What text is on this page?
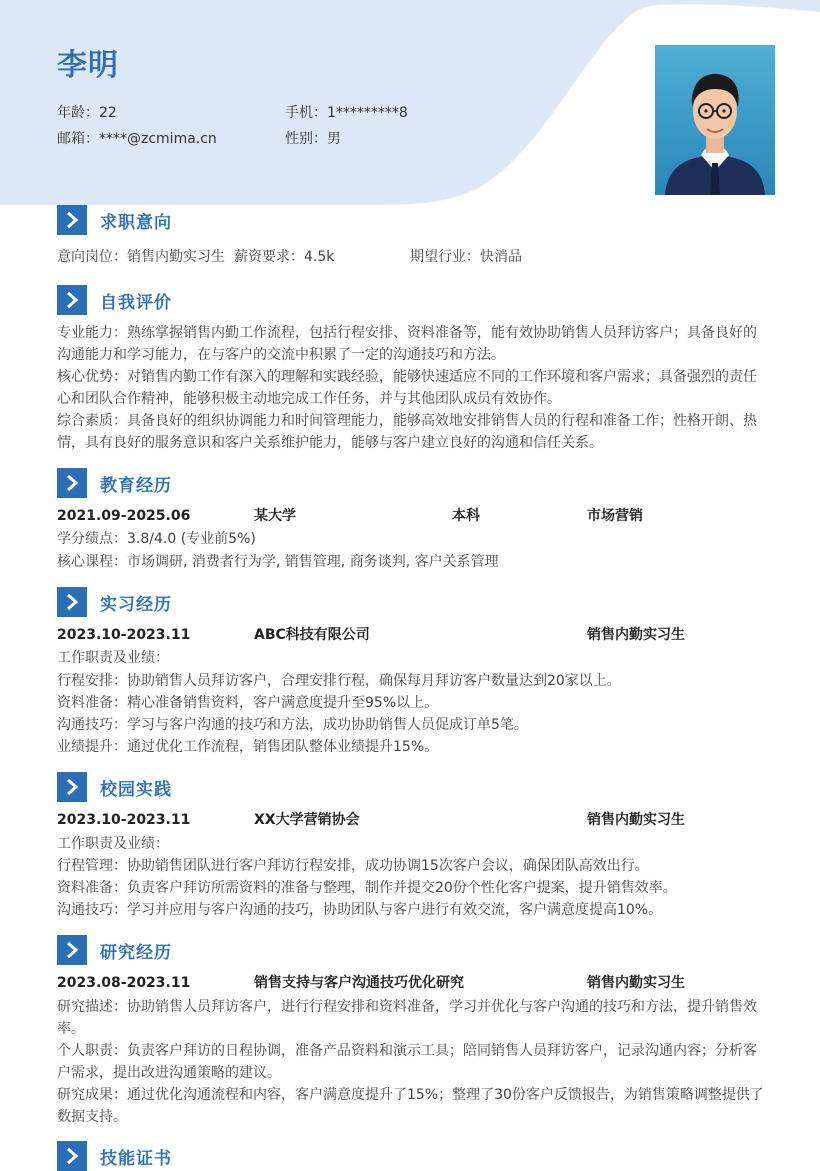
李明
年龄：22	手机：1*********8
邮箱：****@zcmima.cn	性别：男
求职意向
意向岗位：销售内勤实习生 薪资要求：4.5k	期望行业：快消品
自我评价

专业能力：熟练掌握销售内勤工作流程，包括行程安排、资料准备等，能有效协助销售人员拜访客户；具备良好的沟通能力和学习能力，在与客户的交流中积累了一定的沟通技巧和方法。

核心优势：对销售内勤工作有深入的理解和实践经验，能够快速适应不同的工作环境和客户需求；具备强烈的责任心和团队合作精神，能够积极主动地完成工作任务，并与其他团队成员有效协作。

综合素质：具备良好的组织协调能力和时间管理能力，能够高效地安排销售人员的行程和准备工作；性格开朗、热情，具有良好的服务意识和客户关系维护能力，能够与客户建立良好的沟通和信任关系。

教育经历
2021.09-2025.06	某大学	本科	市场营销
学分绩点：3.8/4.0 (专业前5%)
核心课程：市场调研, 消费者行为学, 销售管理, 商务谈判, 客户关系管理
实习经历
2023.10-2023.11	ABC科技有限公司	销售内勤实习生
工作职责及业绩：
行程安排：协助销售人员拜访客户，合理安排行程，确保每月拜访客户数量达到20家以上。
资料准备：精心准备销售资料，客户满意度提升至95%以上。
沟通技巧：学习与客户沟通的技巧和方法，成功协助销售人员促成订单5笔。
业绩提升：通过优化工作流程，销售团队整体业绩提升15%。
校园实践
2023.10-2023.11	XX大学营销协会	销售内勤实习生
工作职责及业绩：
行程管理：协助销售团队进行客户拜访行程安排，成功协调15次客户会议，确保团队高效出行。
资料准备：负责客户拜访所需资料的准备与整理，制作并提交20份个性化客户提案，提升销售效率。
沟通技巧：学习并应用与客户沟通的技巧，协助团队与客户进行有效交流，客户满意度提高10%。
研究经历
2023.08-2023.11	销售支持与客户沟通技巧优化研究	销售内勤实习生

研究描述：协助销售人员拜访客户，进行行程安排和资料准备，学习并优化与客户沟通的技巧和方法，提升销售效率。

个人职责：负责客户拜访的日程协调，准备产品资料和演示工具；陪同销售人员拜访客户，记录沟通内容；分析客户需求，提出改进沟通策略的建议。

研究成果：通过优化沟通流程和内容，客户满意度提升了15%；整理了30份客户反馈报告，为销售策略调整提供了数据支持。

技能证书
